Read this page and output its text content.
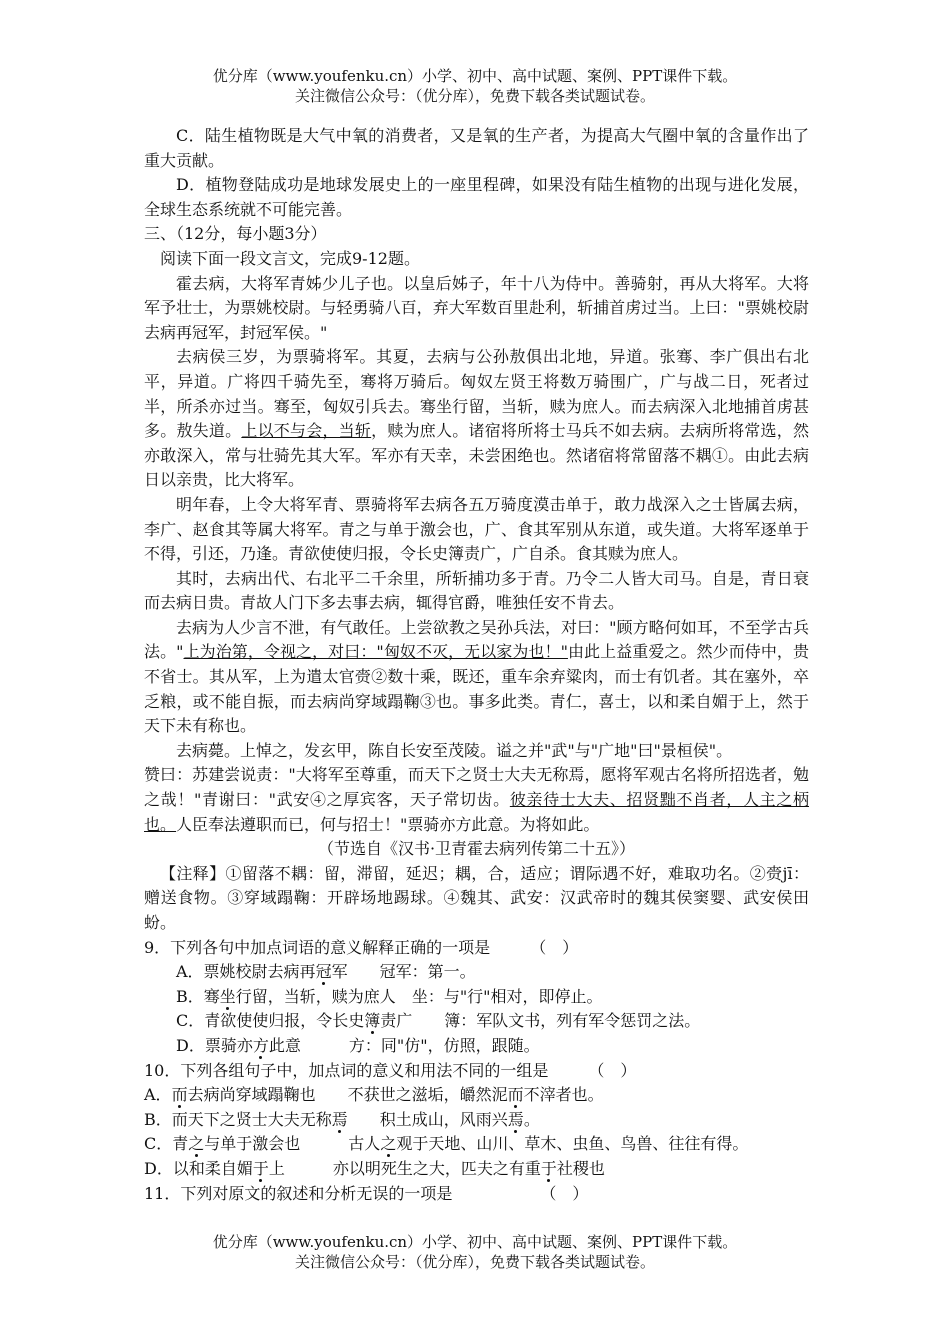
优分库（www.youfenku.cn）小学、初中、高中试题、案例、PPT课件下载。
关注微信公众号：（优分库），免费下载各类试题试卷。

C．陆生植物既是大气中氧的消费者，又是氧的生产者，为提高大气圈中氧的含量作出了重大贡献。

D．植物登陆成功是地球发展史上的一座里程碑，如果没有陆生植物的出现与进化发展，全球生态系统就不可能完善。

三、（12分，每小题3分）

阅读下面一段文言文，完成9-12题。

霍去病，大将军青姊少儿子也。以皇后姊子，年十八为侍中。善骑射，再从大将军。大将军予壮士，为票姚校尉。与轻勇骑八百，弃大军数百里赴利，斩捕首虏过当。上曰："票姚校尉去病再冠军，封冠军侯。"

去病侯三岁，为票骑将军。其夏，去病与公孙敖俱出北地，异道。张骞、李广俱出右北平，异道。广将四千骑先至，骞将万骑后。匈奴左贤王将数万骑围广，广与战二日，死者过半，所杀亦过当。骞至，匈奴引兵去。骞坐行留，当斩，赎为庶人。而去病深入北地捕首虏甚多。敖失道。上以不与会，当斩，赎为庶人。诸宿将所将士马兵不如去病。去病所将常选，然亦敢深入，常与壮骑先其大军。军亦有天幸，未尝困绝也。然诸宿将常留落不耦①。由此去病日以亲贵，比大将军。

明年春，上令大将军青、票骑将军去病各五万骑度漠击单于，敢力战深入之士皆属去病，李广、赵食其等属大将军。青之与单于激会也，广、食其军别从东道，或失道。大将军逐单于不得，引还，乃逢。青欲使使归报，令长史簿责广，广自杀。食其赎为庶人。

其时，去病出代、右北平二千余里，所斩捕功多于青。乃令二人皆大司马。自是，青日衰而去病日贵。青故人门下多去事去病，辄得官爵，唯独任安不肯去。

去病为人少言不泄，有气敢任。上尝欲教之吴孙兵法，对曰："顾方略何如耳，不至学古兵法。"上为治第，令视之，对曰："匈奴不灭，无以家为也！"由此上益重爱之。然少而侍中，贵不省士。其从军，上为遣太官赍②数十乘，既还，重车余弃粱肉，而士有饥者。其在塞外，卒乏粮，或不能自振，而去病尚穿域蹋鞠③也。事多此类。青仁，喜士，以和柔自媚于上，然于天下未有称也。

去病薨。上悼之，发玄甲，陈自长安至茂陵。谥之并"武"与"广地"曰"景桓侯"。

赞曰：苏建尝说责："大将军至尊重，而天下之贤士大夫无称焉，愿将军观古名将所招选者，勉之哉！"青谢曰："武安④之厚宾客，天子常切齿。彼亲待士大夫、招贤黜不肖者，人主之柄也。人臣奉法遵职而已，何与招士！"票骑亦方此意。为将如此。

（节选自《汉书·卫青霍去病列传第二十五》）

【注释】①留落不耦：留，滞留，延迟；耦，合，适应；谓际遇不好，难取功名。②赍jī：赠送食物。③穿域蹋鞠：开辟场地踢球。④魏其、武安：汉武帝时的魏其侯窦婴、武安侯田蚡。

9．下列各句中加点词语的意义解释正确的一项是　　　	（　）

A．票姚校尉去病再冠军　　 冠军：第一。

B．骞坐行留，当斩，赎为庶人　 坐：与"行"相对，即停止。

C．青欲使使归报，令长史簿责广　　 簿：军队文书，列有军令惩罚之法。

D．票骑亦方此意　　　	方：同"仿"，仿照，跟随。

10．下列各组句子中，加点词的意义和用法不同的一组是　　　	（　）

A．而去病尚穿域蹋鞠也　　 不获世之滋垢，皭然泥而不滓者也。

B．而天下之贤士大夫无称焉　　 积土成山，风雨兴焉。

C．青之与单于激会也　　　	古人之观于天地、山川、草木、虫鱼、鸟兽、往往有得。

D．以和柔自媚于上　　　	亦以明死生之大，匹夫之有重于社稷也

11．下列对原文的叙述和分析无误的一项是　　　　　　	（　）

优分库（www.youfenku.cn）小学、初中、高中试题、案例、PPT课件下载。
关注微信公众号：（优分库），免费下载各类试题试卷。
